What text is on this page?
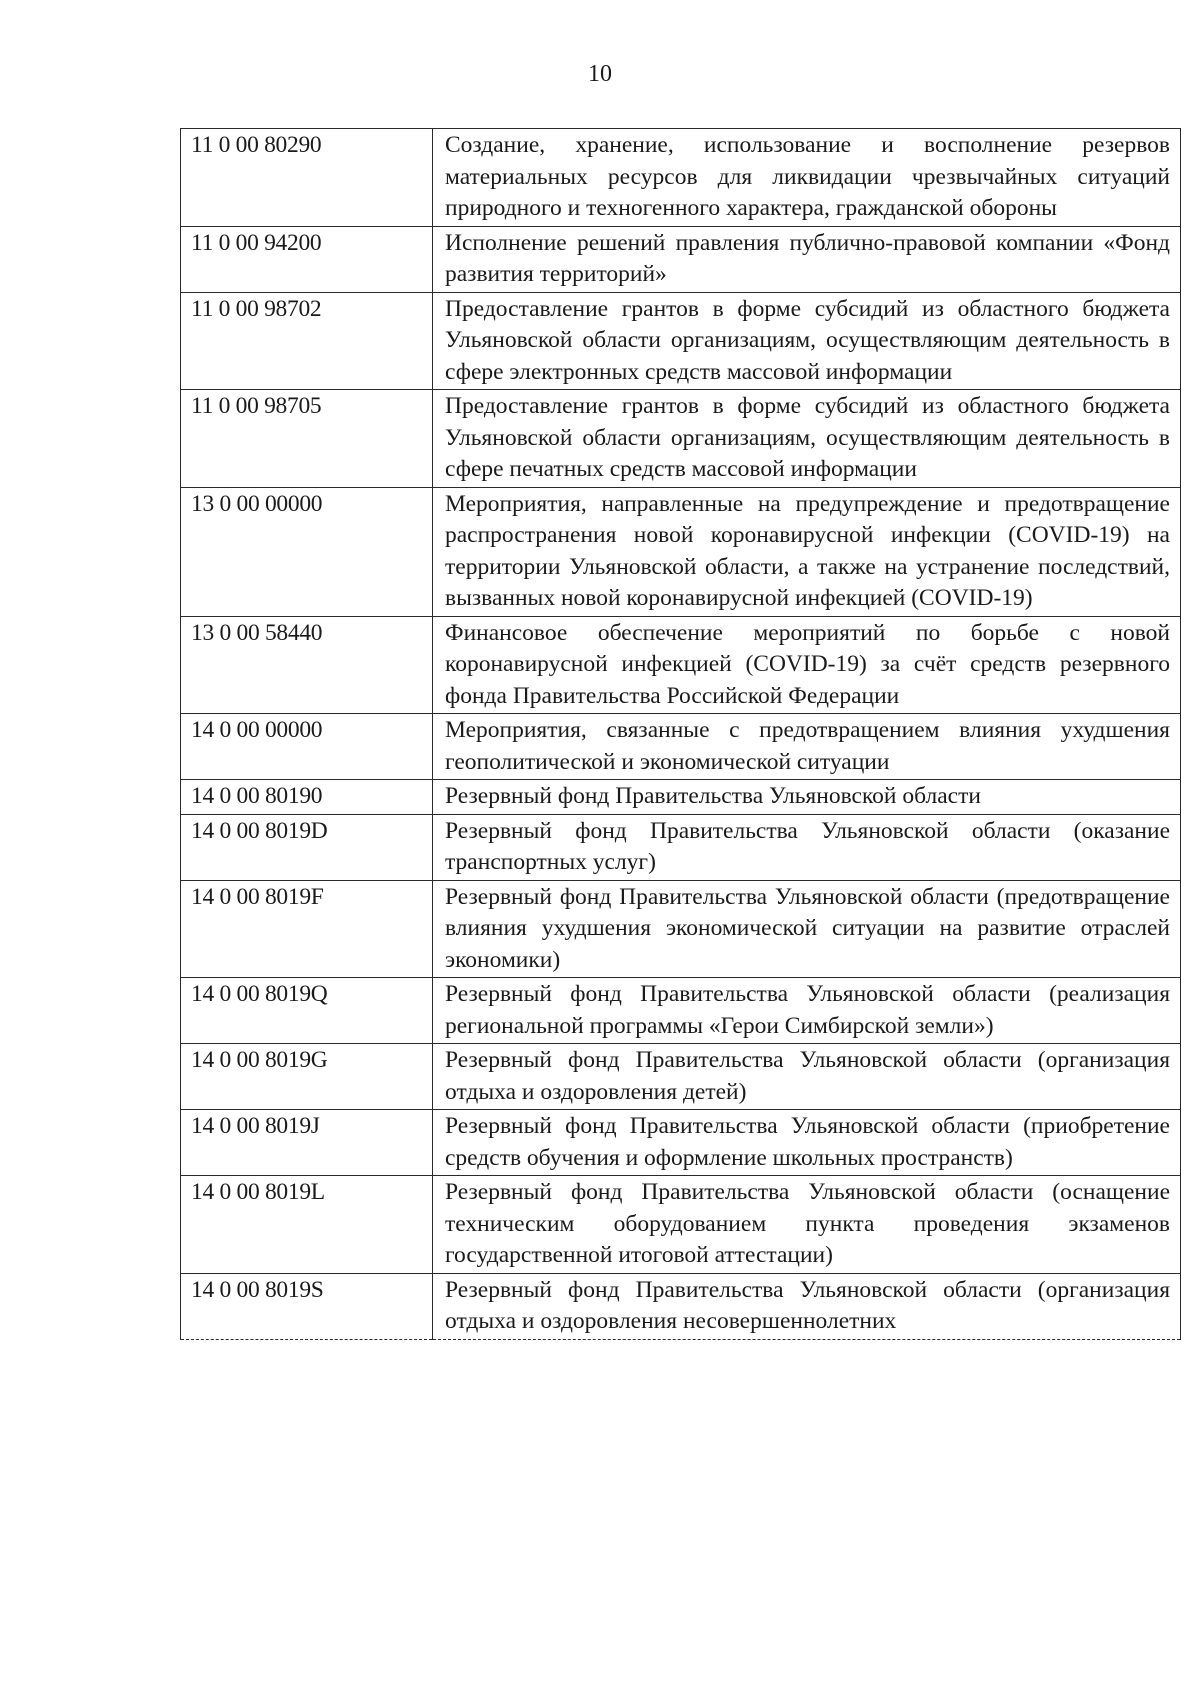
10
11 0 00 80290	Создание, хранение, использование и восполнение резервов материальных ресурсов для ликвидации чрезвычайных ситуаций природного и техногенного характера, гражданской обороны
11 0 00 94200	Исполнение решений правления публично-правовой компании «Фонд развития территорий»
11 0 00 98702	Предоставление грантов в форме субсидий из областного бюджета Ульяновской области организациям, осуществляющим деятельность в сфере электронных средств массовой информации
11 0 00 98705	Предоставление грантов в форме субсидий из областного бюджета Ульяновской области организациям, осуществляющим деятельность в сфере печатных средств массовой информации
13 0 00 00000	Мероприятия, направленные на предупреждение и предотвращение распространения новой коронавирусной инфекции (COVID-19) на территории Ульяновской области, а также на устранение последствий, вызванных новой коронавирусной инфекцией (COVID-19)
13 0 00 58440	Финансовое обеспечение мероприятий по борьбе с новой коронавирусной инфекцией (COVID-19) за счёт средств резервного фонда Правительства Российской Федерации
14 0 00 00000	Мероприятия, связанные с предотвращением влияния ухудшения геополитической и экономической ситуации
14 0 00 80190	Резервный фонд Правительства Ульяновской области
14 0 00 8019D	Резервный фонд Правительства Ульяновской области (оказание транспортных услуг)
14 0 00 8019F	Резервный фонд Правительства Ульяновской области (предотвращение влияния ухудшения экономической ситуации на развитие отраслей экономики)
14 0 00 8019Q	Резервный фонд Правительства Ульяновской области (реализация региональной программы «Герои Симбирской земли»)
14 0 00 8019G	Резервный фонд Правительства Ульяновской области (организация отдыха и оздоровления детей)
14 0 00 8019J	Резервный фонд Правительства Ульяновской области (приобретение средств обучения и оформление школьных пространств)
14 0 00 8019L	Резервный фонд Правительства Ульяновской области (оснащение техническим оборудованием пункта проведения экзаменов государственной итоговой аттестации)
14 0 00 8019S	Резервный фонд Правительства Ульяновской области (организация отдыха и оздоровления несовершеннолетних
